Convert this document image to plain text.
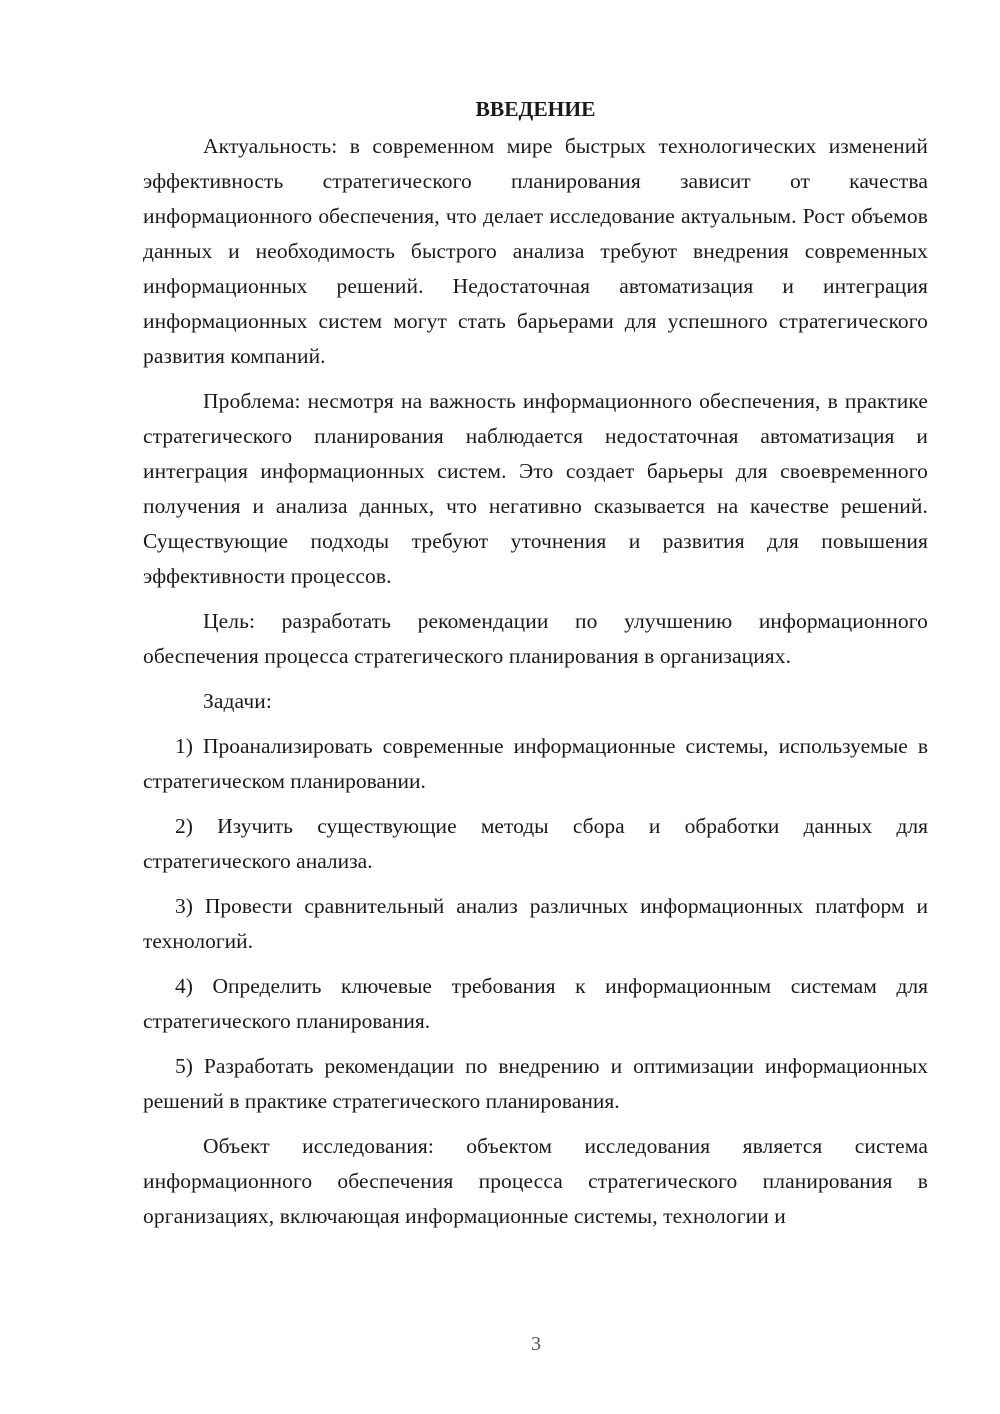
ВВЕДЕНИЕ

Актуальность: в современном мире быстрых технологических изменений эффективность стратегического планирования зависит от качества информационного обеспечения, что делает исследование актуальным. Рост объемов данных и необходимость быстрого анализа требуют внедрения современных информационных решений. Недостаточная автоматизация и интеграция информационных систем могут стать барьерами для успешного стратегического развития компаний.

Проблема: несмотря на важность информационного обеспечения, в практике стратегического планирования наблюдается недостаточная автоматизация и интеграция информационных систем. Это создает барьеры для своевременного получения и анализа данных, что негативно сказывается на качестве решений. Существующие подходы требуют уточнения и развития для повышения эффективности процессов.

Цель: разработать рекомендации по улучшению информационного обеспечения процесса стратегического планирования в организациях.

Задачи:

1) Проанализировать современные информационные системы, используемые в стратегическом планировании.

2) Изучить существующие методы сбора и обработки данных для стратегического анализа.

3) Провести сравнительный анализ различных информационных платформ и технологий.

4) Определить ключевые требования к информационным системам для стратегического планирования.

5) Разработать рекомендации по внедрению и оптимизации информационных решений в практике стратегического планирования.

Объект исследования: объектом исследования является система информационного обеспечения процесса стратегического планирования в организациях, включающая информационные системы, технологии и

3
